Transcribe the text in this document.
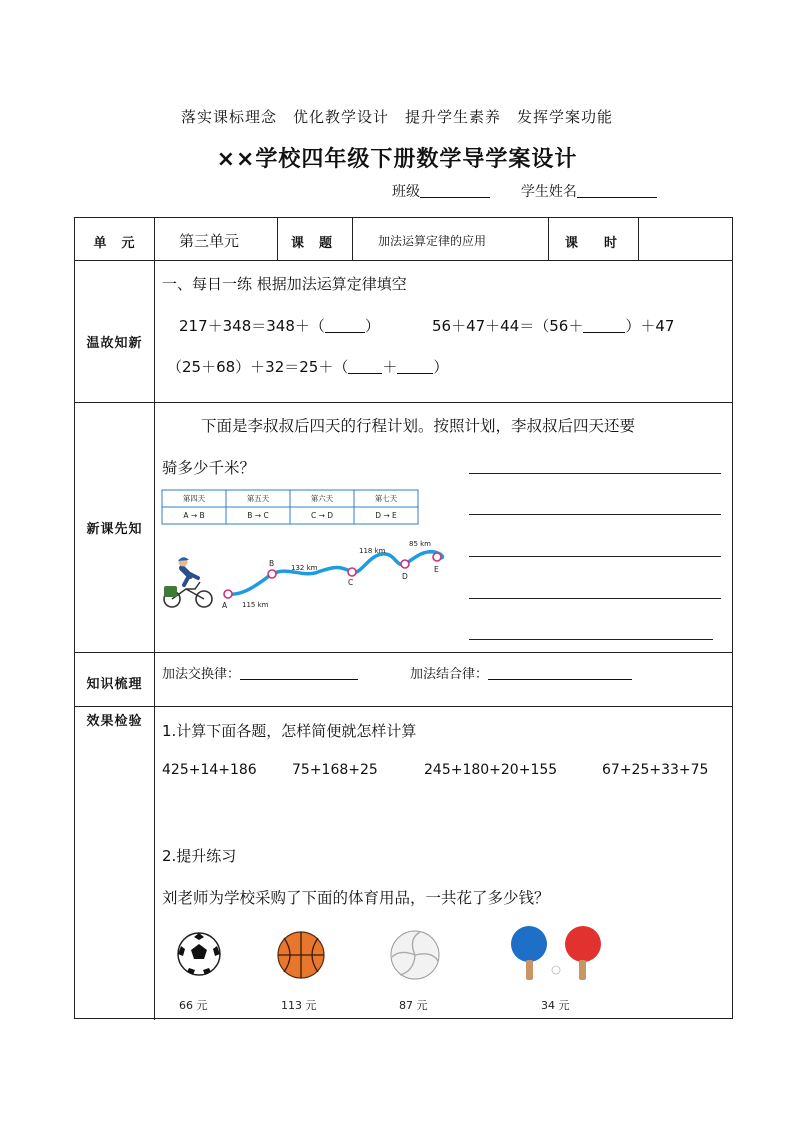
落实课标理念　优化教学设计　提升学生素养　发挥学案功能
××学校四年级下册数学导学案设计
班级	学生姓名
单　元	第三单元	课　题	加法运算定律的应用	课　　时
温故知新
一、每日一练 根据加法运算定律填空
217＋348＝348＋（	）	56＋47＋44＝（56＋	）＋47
（25＋68）＋32＝25＋（ ＋ ）
新课先知
下面是李叔叔后四天的行程计划。按照计划，李叔叔后四天还要
骑多少千米？
第四天	第五天	第六天	第七天
A → B	B → C	C → D	D → E
A
B
C
D
E
115 km
132 km
118 km
85 km
知识梳理
加法交换律：	加法结合律：
效果检验
1.计算下面各题，怎样简便就怎样计算
425+14+186	75+168+25	245+180+20+155	67+25+33+75
2.提升练习
刘老师为学校采购了下面的体育用品，一共花了多少钱？
66 元	113 元	87 元	34 元
